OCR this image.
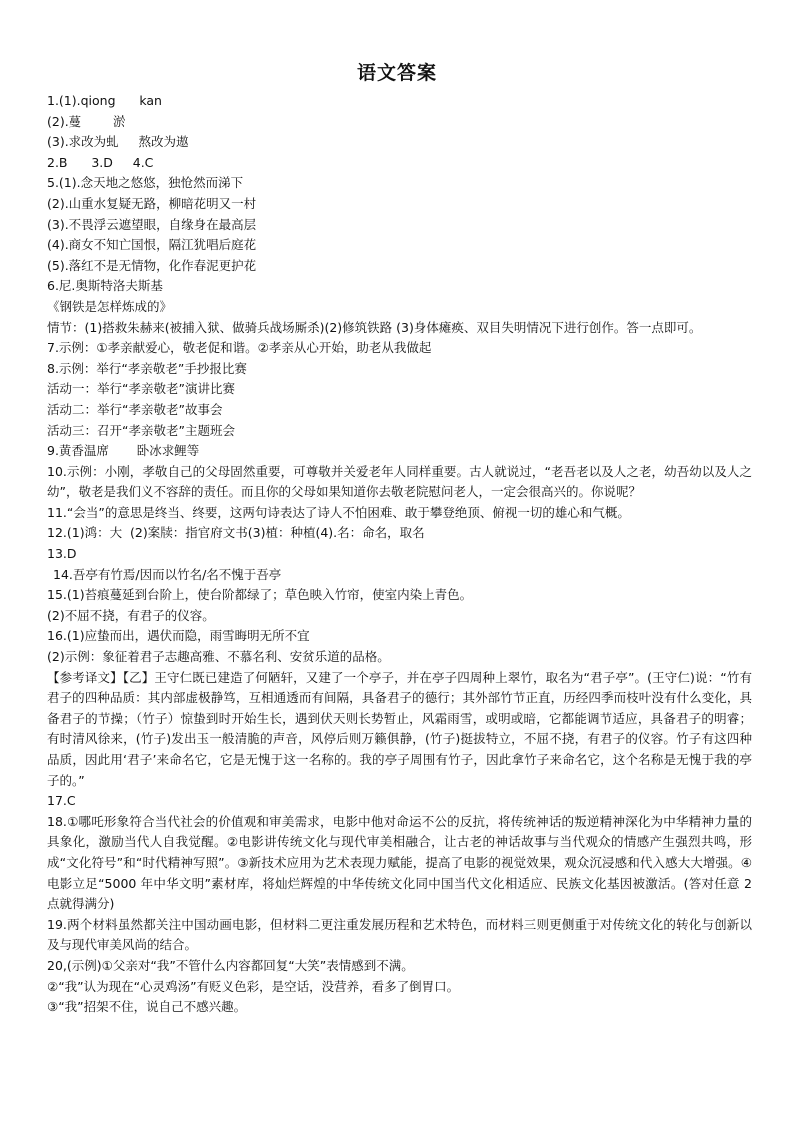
语文答案
1.(1).qiong      kan
(2).蔓        淤
(3).求改为虬     熬改为遨
2.B      3.D     4.C
5.(1).念天地之悠悠，独怆然而涕下
(2).山重水复疑无路，柳暗花明又一村
(3).不畏浮云遮望眼，自缘身在最高层
(4).商女不知亡国恨，隔江犹唱后庭花
(5).落红不是无情物，化作春泥更护花
6.尼.奥斯特洛夫斯基
《钢铁是怎样炼成的》
情节：(1)搭救朱赫来(被捕入狱、做骑兵战场厮杀)(2)修筑铁路 (3)身体瘫痪、双目失明情况下进行创作。答一点即可。
7.示例：①孝亲献爱心，敬老促和谐。②孝亲从心开始，助老从我做起
8.示例：举行“孝亲敬老”手抄报比赛
活动一：举行“孝亲敬老”演讲比赛
活动二：举行“孝亲敬老”故事会
活动三：召开“孝亲敬老”主题班会
9.黄香温席       卧冰求鲤等
10.示例：小刚，孝敬自己的父母固然重要，可尊敬并关爱老年人同样重要。古人就说过，“老吾老以及人之老，幼吾幼以及人之幼”，敬老是我们义不容辞的责任。而且你的父母如果知道你去敬老院慰问老人，一定会很高兴的。你说呢？
11.“会当”的意思是终当、终要，这两句诗表达了诗人不怕困难、敢于攀登绝顶、俯视一切的雄心和气概。
12.(1)鸿：大  (2)案牍：指官府文书(3)植：种植(4).名：命名，取名
13.D
14.吾亭有竹焉/因而以竹名/名不愧于吾亭
15.(1)苔痕蔓延到台阶上，使台阶都绿了；草色映入竹帘，使室内染上青色。
(2)不屈不挠，有君子的仪容。
16.(1)应蛰而出，遇伏而隐，雨雪晦明无所不宜
(2)示例：象征着君子志趣高雅、不慕名利、安贫乐道的品格。
【参考译文】【乙】王守仁既已建造了何陋轩，又建了一个亭子，并在亭子四周种上翠竹，取名为“君子亭”。(王守仁)说：“竹有君子的四种品质：其内部虚极静笃，互相通透而有间隔，具备君子的德行；其外部竹节正直，历经四季而枝叶没有什么变化，具备君子的节操；（竹子）惊蛰到时开始生长，遇到伏天则长势暂止，风霜雨雪，或明或暗，它都能调节适应，具备君子的明睿；有时清风徐来，(竹子)发出玉一般清脆的声音，风停后则万籁俱静，(竹子)挺拔特立，不屈不挠，有君子的仪容。竹子有这四种品质，因此用‘君子’来命名它，它是无愧于这一名称的。我的亭子周围有竹子，因此拿竹子来命名它，这个名称是无愧于我的亭子的。”
17.C
18.①哪吒形象符合当代社会的价值观和审美需求，电影中他对命运不公的反抗，将传统神话的叛逆精神深化为中华精神力量的具象化，激励当代人自我觉醒。②电影讲传统文化与现代审美相融合，让古老的神话故事与当代观众的情感产生强烈共鸣，形成“文化符号”和“时代精神写照”。③新技术应用为艺术表现力赋能，提高了电影的视觉效果，观众沉浸感和代入感大大增强。④电影立足“5000 年中华文明”素材库，将灿烂辉煌的中华传统文化同中国当代文化相适应、民族文化基因被激活。(答对任意 2 点就得满分)
19.两个材料虽然都关注中国动画电影，但材料二更注重发展历程和艺术特色，而材料三则更侧重于对传统文化的转化与创新以及与现代审美风尚的结合。
20,(示例)①父亲对“我”不管什么内容都回复“大笑”表情感到不满。
②“我”认为现在“心灵鸡汤”有贬义色彩，是空话，没营养，看多了倒胃口。
③“我”招架不住，说自己不感兴趣。
